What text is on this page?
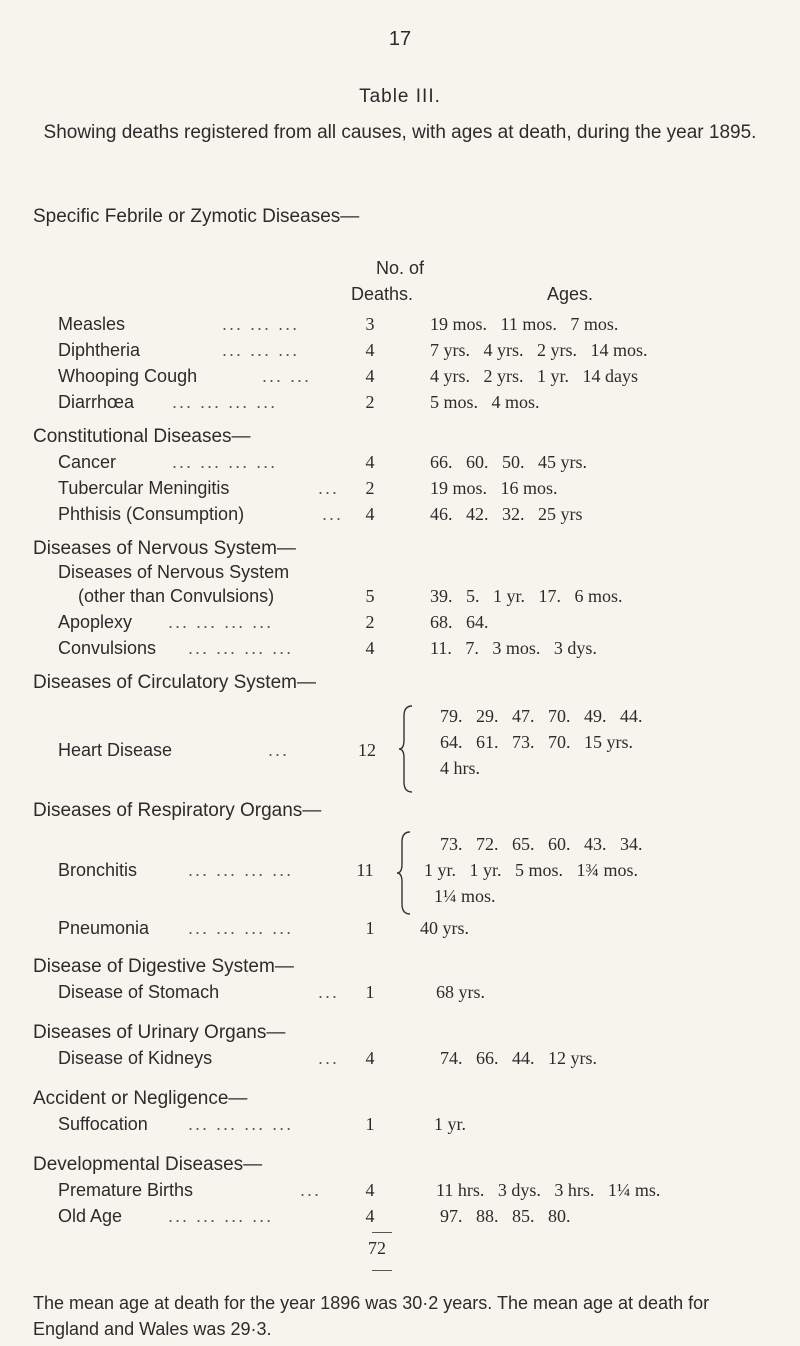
17
Table III.
Showing deaths registered from all causes, with ages at death, during the year 1895.
Specific Febrile or Zymotic Diseases—
No. of
Deaths.	Ages.
Measles	... ... ...	3	19 mos.   11 mos.   7 mos.
Diphtheria	... ... ...	4	7 yrs.   4 yrs.   2 yrs.   14 mos.
Whooping Cough	... ...	4	4 yrs.   2 yrs.   1 yr.   14 days
Diarrhœa ... ... ... ...	2	5 mos.   4 mos.
Constitutional Diseases—
Cancer	... ... ... ...	4	66.   60.   50.   45 yrs.
Tubercular Meningitis	...	2	19 mos.   16 mos.
Phthisis (Consumption)	...	4	46.   42.   32.   25 yrs
Diseases of Nervous System—
Diseases of Nervous System
(other than Convulsions)	5	39.   5.   1 yr.   17.   6 mos.
Apoplexy ... ... ... ...	2	68.   64.
Convulsions ... ... ... ...	4	11.   7.   3 mos.   3 dys.
Diseases of Circulatory System—
Heart Disease	...	12
79.   29.   47.   70.   49.   44.
64.   61.   73.   70.   15 yrs.
4 hrs.
Diseases of Respiratory Organs—
Bronchitis	... ... ... ...	11
73.   72.   65.   60.   43.   34.
1 yr.   1 yr.   5 mos.   1¾ mos.
1¼ mos.
Pneumonia ... ... ... ...	1	40 yrs.
Disease of Digestive System—
Disease of Stomach	...	1	68 yrs.
Diseases of Urinary Organs—
Disease of Kidneys	...	4	74.   66.   44.   12 yrs.
Accident or Negligence—
Suffocation ... ... ... ...	1	1 yr.
Developmental Diseases—
Premature Births	...	4	11 hrs.   3 dys.   3 hrs.   1¼ ms.
Old Age	... ... ... ...	4	97.   88.   85.   80.
72
The mean age at death for the year 1896 was 30·2 years. The mean age at death for England and Wales was 29·3.
